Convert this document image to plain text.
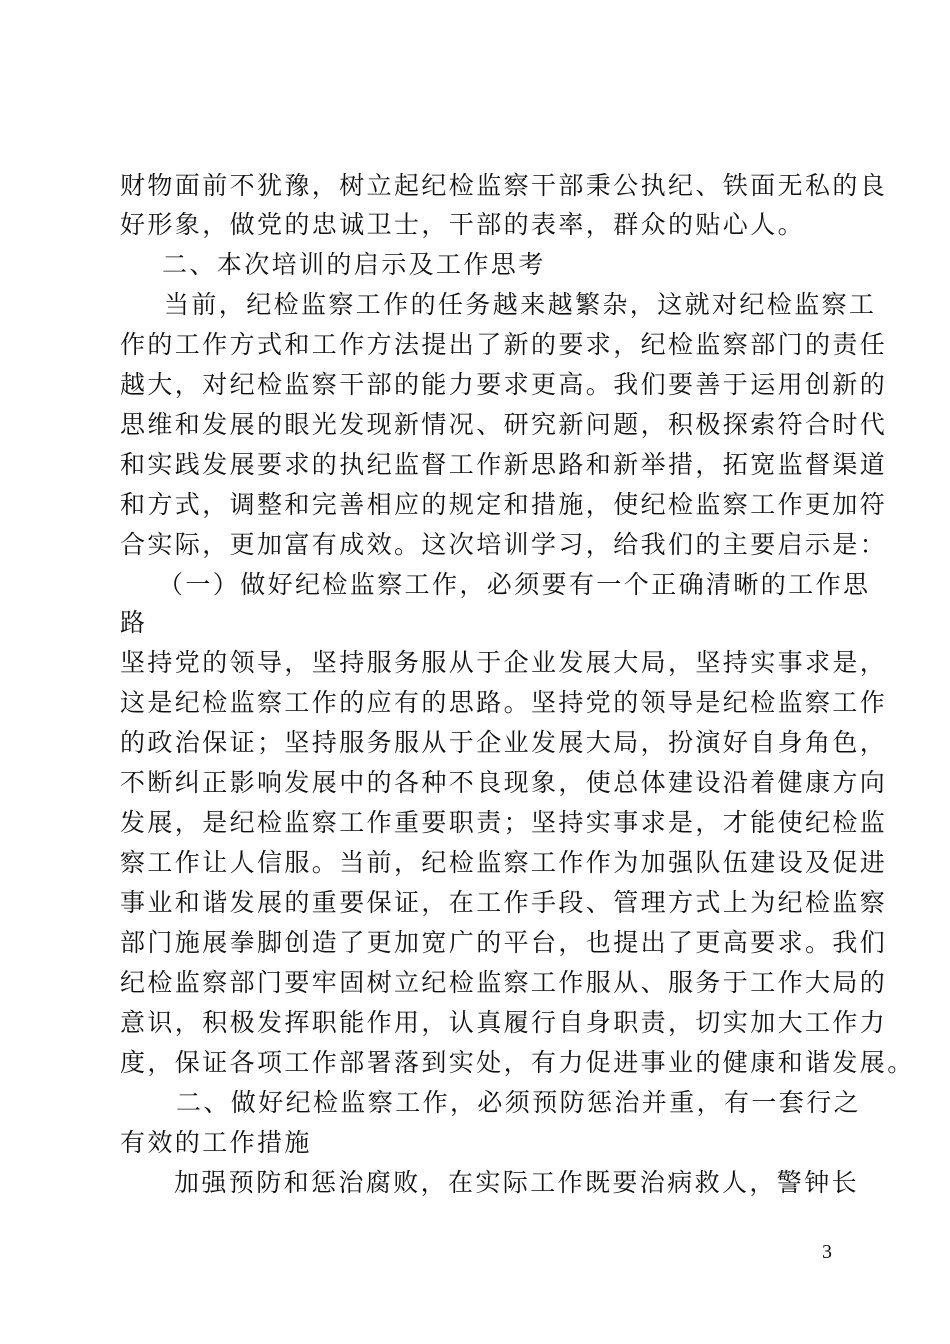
财物面前不犹豫，树立起纪检监察干部秉公执纪、铁面无私的良
好形象，做党的忠诚卫士，干部的表率，群众的贴心人。
二、本次培训的启示及工作思考
当前，纪检监察工作的任务越来越繁杂，这就对纪检监察工
作的工作方式和工作方法提出了新的要求，纪检监察部门的责任
越大，对纪检监察干部的能力要求更高。我们要善于运用创新的
思维和发展的眼光发现新情况、研究新问题，积极探索符合时代
和实践发展要求的执纪监督工作新思路和新举措，拓宽监督渠道
和方式，调整和完善相应的规定和措施，使纪检监察工作更加符
合实际，更加富有成效。这次培训学习，给我们的主要启示是：
（一）做好纪检监察工作，必须要有一个正确清晰的工作思
路
坚持党的领导，坚持服务服从于企业发展大局，坚持实事求是，
这是纪检监察工作的应有的思路。坚持党的领导是纪检监察工作
的政治保证；坚持服务服从于企业发展大局，扮演好自身角色，
不断纠正影响发展中的各种不良现象，使总体建设沿着健康方向
发展，是纪检监察工作重要职责；坚持实事求是，才能使纪检监
察工作让人信服。当前，纪检监察工作作为加强队伍建设及促进
事业和谐发展的重要保证，在工作手段、管理方式上为纪检监察
部门施展拳脚创造了更加宽广的平台，也提出了更高要求。我们
纪检监察部门要牢固树立纪检监察工作服从、服务于工作大局的
意识，积极发挥职能作用，认真履行自身职责，切实加大工作力
度，保证各项工作部署落到实处，有力促进事业的健康和谐发展。
二、做好纪检监察工作，必须预防惩治并重，有一套行之
有效的工作措施
加强预防和惩治腐败，在实际工作既要治病救人，警钟长
3
